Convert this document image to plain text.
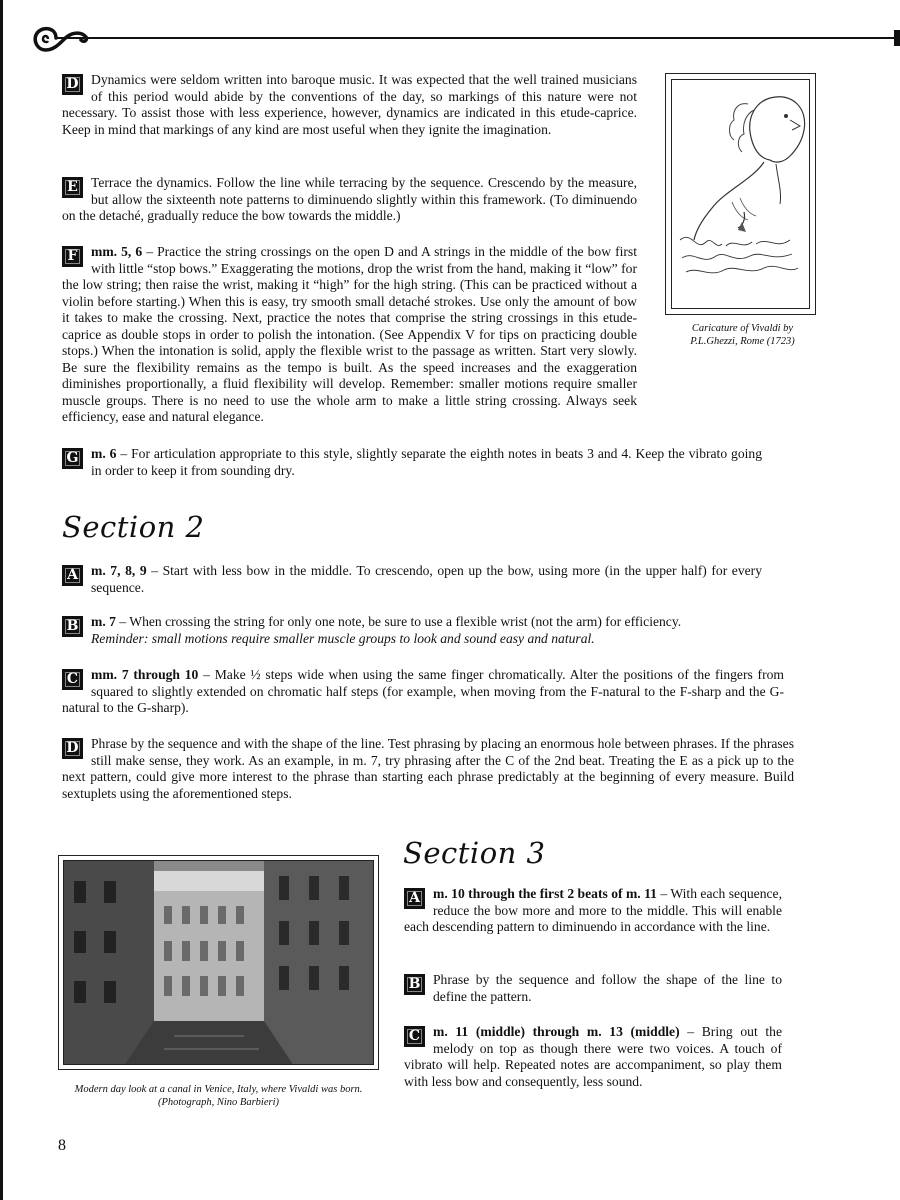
D Dynamics were seldom written into baroque music. It was expected that the well trained musicians of this period would abide by the conventions of the day, so markings of this nature were not necessary. To assist those with less experience, however, dynamics are indicated in this etude-caprice. Keep in mind that markings of any kind are most useful when they ignite the imagination.

E Terrace the dynamics. Follow the line while terracing by the sequence. Crescendo by the measure, but allow the sixteenth note patterns to diminuendo slightly within this framework. (To diminuendo on the detaché, gradually reduce the bow towards the middle.)

F mm. 5, 6 – Practice the string crossings on the open D and A strings in the middle of the bow first with little “stop bows.” Exaggerating the motions, drop the wrist from the hand, making it “low” for the low string; then raise the wrist, making it “high” for the high string. (This can be practiced without a violin before starting.) When this is easy, try smooth small detaché strokes. Use only the amount of bow it takes to make the crossing. Next, practice the notes that comprise the string crossings in this etude-caprice as double stops in order to polish the intonation. (See Appendix V for tips on practicing double stops.) When the intonation is solid, apply the flexible wrist to the passage as written. Start very slowly. Be sure the flexibility remains as the tempo is built. As the speed increases and the exaggeration diminishes proportionally, a fluid flexibility will develop. Remember: smaller motions require smaller muscle groups. There is no need to use the whole arm to make a little string crossing. Always seek efficiency, ease and natural elegance.

G m. 6 – For articulation appropriate to this style, slightly separate the eighth notes in beats 3 and 4. Keep the vibrato going in order to keep it from sounding dry.

Caricature of Vivaldi by
P.L.Ghezzi, Rome (1723)
Section 2

A m. 7, 8, 9 – Start with less bow in the middle. To crescendo, open up the bow, using more (in the upper half) for every sequence.

B m. 7 – When crossing the string for only one note, be sure to use a flexible wrist (not the arm) for efficiency.
Reminder: small motions require smaller muscle groups to look and sound easy and natural.

C mm. 7 through 10 – Make ½ steps wide when using the same finger chromatically. Alter the positions of the fingers from squared to slightly extended on chromatic half steps (for example, when moving from the F-natural to the F-sharp and the G-natural to the G-sharp).

D Phrase by the sequence and with the shape of the line. Test phrasing by placing an enormous hole between phrases. If the phrases still make sense, they work. As an example, in m. 7, try phrasing after the C of the 2nd beat. Treating the E as a pick up to the next pattern, could give more interest to the phrase than starting each phrase predictably at the beginning of every measure. Build sextuplets using the aforementioned steps.

Section 3
Modern day look at a canal in Venice, Italy, where Vivaldi was born.
(Photograph, Nino Barbieri)

A m. 10 through the first 2 beats of m. 11 – With each sequence, reduce the bow more and more to the middle. This will enable each descending pattern to diminuendo in accordance with the line.

B Phrase by the sequence and follow the shape of the line to define the pattern.

C m. 11 (middle) through m. 13 (middle) – Bring out the melody on top as though there were two voices. A touch of vibrato will help. Repeated notes are accompaniment, so play them with less bow and consequently, less sound.

8
